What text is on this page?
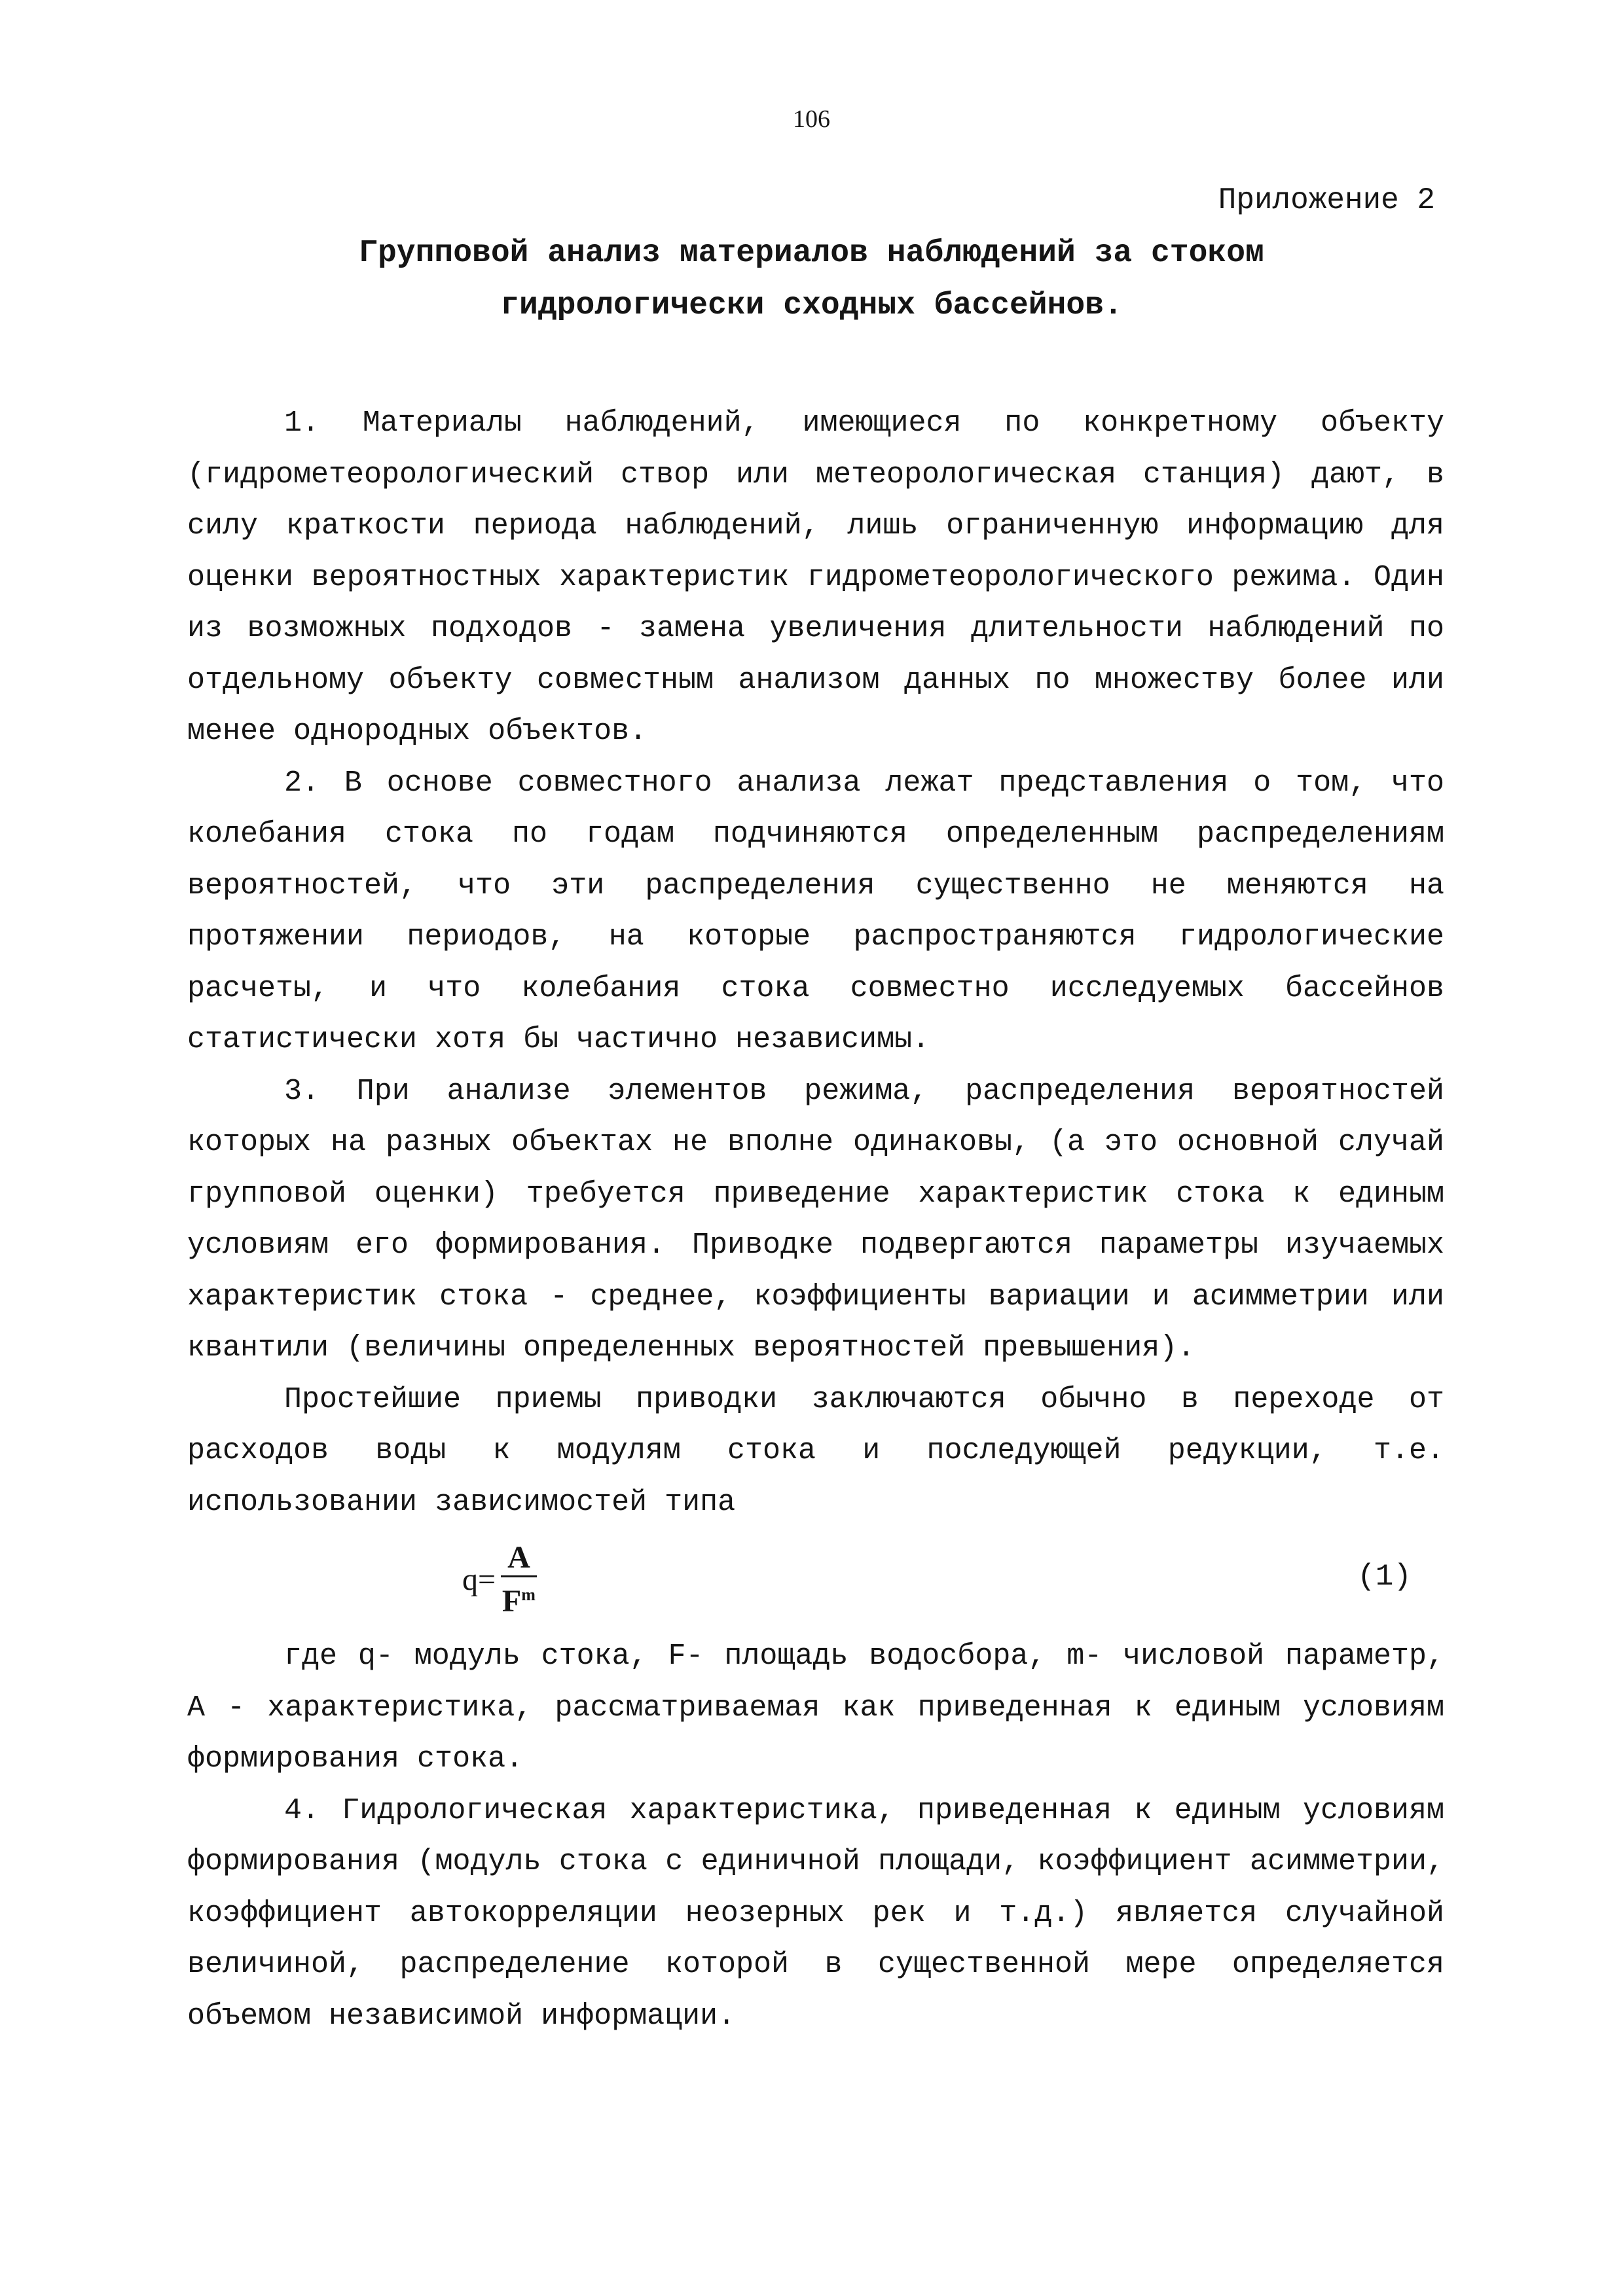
106
Приложение 2
Групповой анализ материалов наблюдений за стоком
гидрологически сходных бассейнов.

1. Материалы наблюдений, имеющиеся по конкретному объекту (гидрометеорологический створ или метеорологическая станция) дают, в силу краткости периода наблюдений, лишь ограниченную информацию для оценки вероятностных характеристик гидрометеорологического режима. Один из возможных подходов - замена увеличения длительности наблюдений по отдельному объекту совместным анализом данных по множеству более или менее однородных объектов.

2. В основе совместного анализа лежат представления о том, что колебания стока по годам подчиняются определенным распределениям вероятностей, что эти распределения существенно не меняются на протяжении периодов, на которые распространяются гидрологические расчеты, и что колебания стока совместно исследуемых бассейнов статистически хотя бы частично независимы.

3. При анализе элементов режима, распределения вероятностей которых на разных объектах не вполне одинаковы, (а это основной случай групповой оценки) требуется приведение характеристик стока к единым условиям его формирования. Приводке подвергаются параметры изучаемых характеристик стока - среднее, коэффициенты вариации и асимметрии или квантили (величины определенных вероятностей превышения).

Простейшие приемы приводки заключаются обычно в переходе от расходов воды к модулям стока и последующей редукции, т.е. использовании зависимостей типа

$q = \frac{A}{F^m}$	(1)

где q- модуль стока, F- площадь водосбора, m- числовой параметр, A - характеристика, рассматриваемая как приведенная к единым условиям формирования стока.

4. Гидрологическая характеристика, приведенная к единым условиям формирования (модуль стока с единичной площади, коэффициент асимметрии, коэффициент автокорреляции неозерных рек и т.д.) является случайной величиной, распределение которой в существенной мере определяется объемом независимой информации.
